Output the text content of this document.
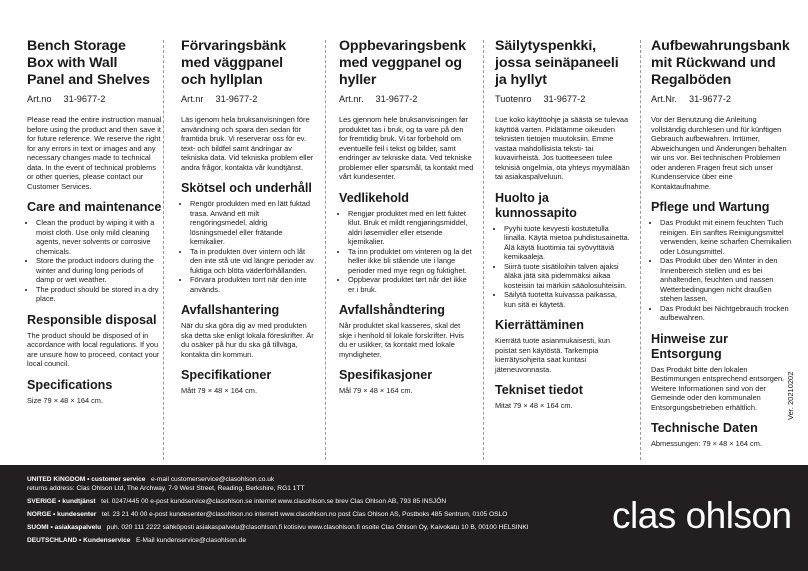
Bench Storage
Box with Wall
Panel and Shelves
Art.no 31-9677-2

Please read the entire instruction manual before using the product and then save it for future reference. We reserve the right for any errors in text or images and any necessary changes made to technical data. In the event of technical problems or other queries, please contact our Customer Services.

Care and maintenance
• Clean the product by wiping it with a moist cloth. Use only mild cleaning agents, never solvents or corrosive chemicals.
• Store the product indoors during the winter and during long periods of damp or wet weather.
• The product should be stored in a dry place.
Responsible disposal

The product should be disposed of in accordance with local regulations. If you are unsure how to proceed, contact your local council.

Specifications

Size 79 × 48 × 164 cm.

Förvaringsbänk
med väggpanel
och hyllplan
Art.nr 31-9677-2

Läs igenom hela bruksanvisningen före användning och spara den sedan för framtida bruk. Vi reserverar oss för ev. text- och bildfel samt ändringar av tekniska data. Vid tekniska problem eller andra frågor, kontakta vår kundtjänst.

Skötsel och underhåll
• Rengör produkten med en lätt fuktad trasa. Använd ett milt rengöringsmedel, aldrig lösningsmedel eller frätande kemikalier.
• Ta in produkten över vintern och låt den inte stå ute vid längre perioder av fuktiga och blöta väderförhållanden.
• Förvara produkten torrt när den inte används.
Avfallshantering

När du ska göra dig av med produkten ska detta ske enligt lokala föreskrifter. Är du osäker på hur du ska gå tillväga, kontakta din kommun.

Specifikationer

Mått 79 × 48 × 164 cm.

Oppbevaringsbenk
med veggpanel og
hyller
Art.nr. 31-9677-2

Les gjennom hele bruksanvisningen før produktet tas i bruk, og ta vare på den for fremtidig bruk. Vi tar forbehold om eventuelle feil i tekst og bilder, samt endringer av tekniske data. Ved tekniske problemer eller spørsmål, ta kontakt med vårt kundesenter.

Vedlikehold
• Rengjør produktet med en lett fuktet klut. Bruk et mildt rengjøringsmiddel, aldri løsemidler eller etsende kjemikalier.
• Ta inn produktet om vinteren og la det heller ikke bli stående ute i lange perioder med mye regn og fuktighet.
• Oppbevar produktet tørt når det ikke er i bruk.
Avfallshåndtering

Når produktet skal kasseres, skal det skje i henhold til lokale forskrifter. Hvis du er usikker, ta kontakt med lokale myndigheter.

Spesifikasjoner

Mål 79 × 48 × 164 cm.

Säilytyspenkki,
jossa seinäpaneeli
ja hyllyt
Tuotenro 31-9677-2

Lue koko käyttöohje ja säästä se tulevaa käyttöä varten. Pidätämme oikeuden teknisten tietojen muutoksiin. Emme vastaa mahdollisista teksti- tai kuvavirheistä. Jos tuotteeseen tulee teknisiä ongelmia, ota yhteys myymälään tai asiakaspalveluun.

Huolto ja kunnossapito
• Pyyhi tuote kevyesti kostutetulla liinalla. Käytä mietoa puhdistusainetta. Älä käytä liuottimia tai syövyttäviä kemikaaleja.
• Siirrä tuote sisätiloihin talven ajaksi äläkä jätä sitä pidemmäksi aikaa kosteisiin tai märkiin sääolosuhteisiin.
• Säilytä tuotetta kuivassa paikassa, kun sitä ei käytetä.
Kierrättäminen

Kierrätä tuote asianmukaisesti, kun poistat sen käytöstä. Tarkempia kierrätysohjeita saat kuntasi jäteneuvonnasta.

Tekniset tiedot

Mitat 79 × 48 × 164 cm.

Aufbewahrungsbank
mit Rückwand und
Regalböden
Art.Nr. 31-9677-2

Vor der Benutzung die Anleitung vollständig durchlesen und für künftigen Gebrauch aufbewahren. Irrtümer, Abweichungen und Änderungen behalten wir uns vor. Bei technischen Problemen oder anderen Fragen freut sich unser Kundenservice über eine Kontaktaufnahme.

Pflege und Wartung
• Das Produkt mit einem feuchten Tuch reinigen. Ein sanftes Reinigungsmittel verwenden, keine scharfen Chemikalien oder Lösungsmittel.
• Das Produkt über den Winter in den Innenbereich stellen und es bei anhaltenden, feuchten und nassen Wetterbedingungen nicht draußen stehen lassen.
• Das Produkt bei Nichtgebrauch trocken aufbewahren.
Hinweise zur Entsorgung

Das Produkt bitte den lokalen Bestimmungen entsprechend entsorgen. Weitere Informationen sind von der Gemeinde oder den kommunalen Entsorgungsbetrieben erhältlich.

Technische Daten

Abmessungen: 79 × 48 × 164 cm.

Ver. 20210202
UNITED KINGDOM • customer service e-mail customerservice@clasohlson.co.uk
returns address: Clas Ohlson Ltd, The Archway, 7-9 West Street, Reading, Berkshire, RG1 1TT
SVERIGE • kundtjänst tel. 0247/445 00 e-post kundservice@clasohlson.se internet www.clasohlson.se brev Clas Ohlson AB, 793 85 INSJÖN
NORGE • kundesenter tel. 23 21 40 00 e-post kundesenter@clasohlson.no internett www.clasohlson.no post Clas Ohlson AS, Postboks 485 Sentrum, 0105 OSLO
SUOMI • asiakaspalvelu puh. 020 111 2222 sähköposti asiakaspalvelu@clasohlson.fi kotisivu www.clasohlson.fi osoite Clas Ohlson Oy, Kaivokatu 10 B, 00100 HELSINKI
DEUTSCHLAND • Kundenservice E-Mail kundenservice@clasohlson.de
clas ohlson
